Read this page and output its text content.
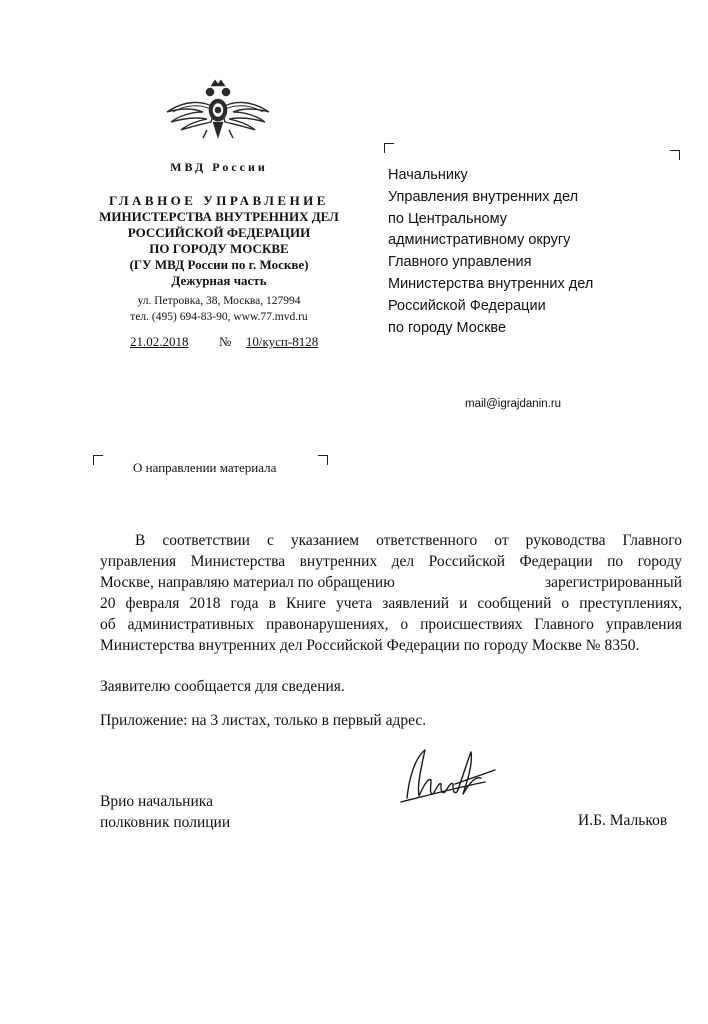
МВД России
ГЛАВНОЕ УПРАВЛЕНИЕ
МИНИСТЕРСТВА ВНУТРЕННИХ ДЕЛ
РОССИЙСКОЙ ФЕДЕРАЦИИ
ПО ГОРОДУ МОСКВЕ
(ГУ МВД России по г. Москве)
Дежурная часть
ул. Петровка, 38, Москва, 127994
тел. (495) 694-83-90, www.77.mvd.ru
21.02.2018 № 10/кусп-8128
Начальнику
Управления внутренних дел
по Центральному
административному округу
Главного управления
Министерства внутренних дел
Российской Федерации
по городу Москве
mail@igrajdanin.ru
О направлении материала
В соответствии с указанием ответственного от руководства Главного
управления Министерства внутренних дел Российской Федерации по городу
Москве, направляю материал по обращению	зарегистрированный
20 февраля 2018 года в Книге учета заявлений и сообщений о преступлениях,
об административных правонарушениях, о происшествиях Главного управления
Министерства внутренних дел Российской Федерации по городу Москве № 8350.
Заявителю сообщается для сведения.
Приложение: на 3 листах, только в первый адрес.
Врио начальника
полковник полиции	И.Б. Мальков
